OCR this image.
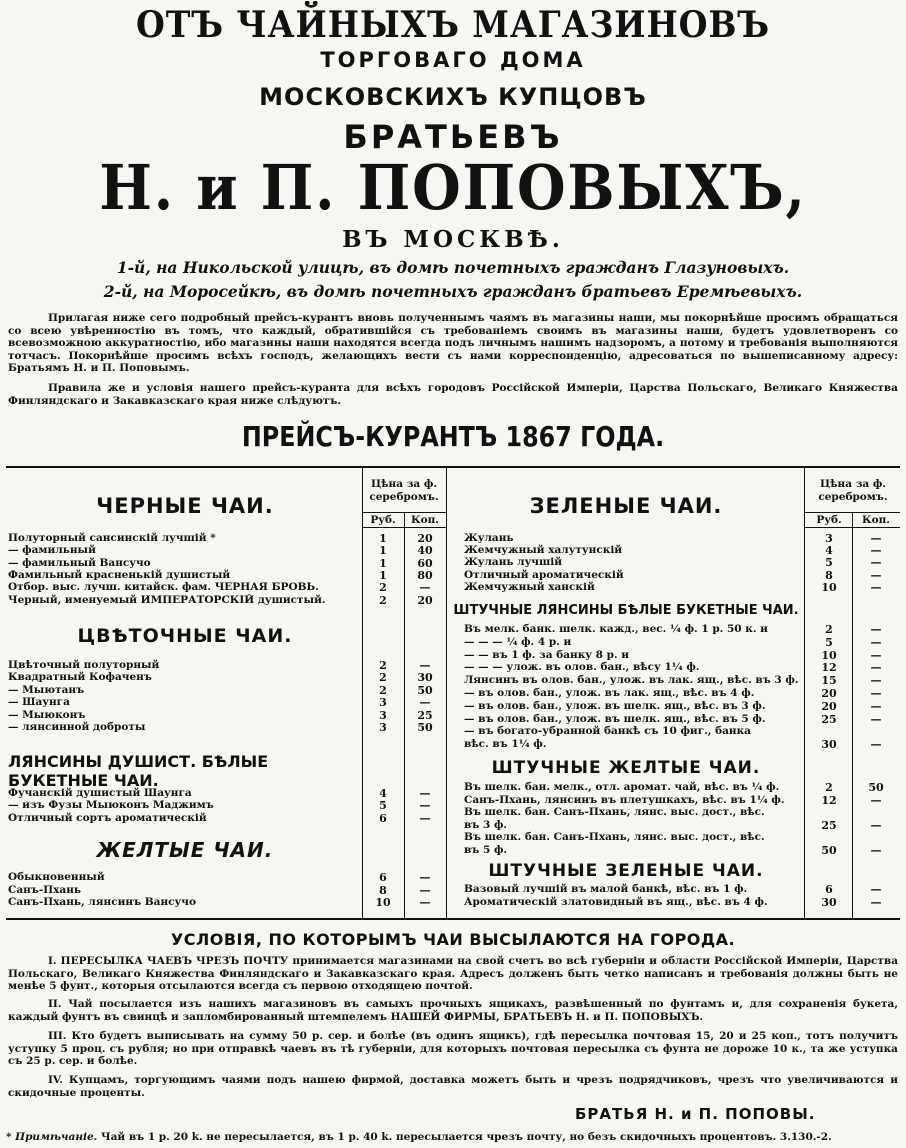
ОТЪ ЧАЙНЫХЪ МАГАЗИНОВЪ
ТОРГОВАГО ДОМА
МОСКОВСКИХЪ КУПЦОВЪ
БРАТЬЕВЪ
Н. и П. ПОПОВЫХЪ,
ВЪ МОСКВѢ.
1-й, на Никольской улицѣ, въ домѣ почетныхъ гражданъ Глазуновыхъ.
2-й, на Моросейкѣ, въ домѣ почетныхъ гражданъ братьевъ Еремѣевыхъ.
Прилагая ниже сего подробный прейсъ-курантъ вновь полученнымъ чаямъ въ магазины наши, мы покорнѣйше просимъ обращаться со всею увѣренностію въ томъ, что каждый, обратившійся съ требованіемъ своимъ въ магазины наши, будетъ удовлетворенъ со всевозможною аккуратностію, ибо магазины наши находятся всегда подъ личнымъ нашимъ надзоромъ, а потому и требованія выполняются тотчасъ. Покорнѣйше просимъ всѣхъ господъ, желающихъ вести съ нами корреспонденцію, адресоваться по вышеписанному адресу: Братьямъ Н. и П. Поповымъ.
Правила же и условія нашего прейсъ-куранта для всѣхъ городовъ Россійской Имперіи, Царства Польскаго, Великаго Княжества Финляндскаго и Закавказскаго края ниже слѣдуютъ.
ПРЕЙСЪ-КУРАНТЪ 1867 ГОДА.
Цѣна за ф. серебромъ.
Руб.	Коп.
Цѣна за ф. серебромъ.
Руб.	Коп.
ЧЕРНЫЕ ЧАИ.
ЦВѢТОЧНЫЕ ЧАИ.
ЛЯНСИНЫ ДУШИСТ. БѢЛЫЕ БУКЕТНЫЕ ЧАИ.
ЖЕЛТЫЕ ЧАИ.
ЗЕЛЕНЫЕ ЧАИ.
ШТУЧНЫЕ ЛЯНСИНЫ БѢЛЫЕ БУКЕТНЫЕ ЧАИ.
ШТУЧНЫЕ ЖЕЛТЫЕ ЧАИ.
ШТУЧНЫЕ ЗЕЛЕНЫЕ ЧАИ.
Полуторный сансинскій лучшій *	1	20
— фамильный	1	40
— фамильный Вансучо	1	60
Фамильный красненькій душистый	1	80
Отбор. выс. лучш. китайск. фам. ЧЕРНАЯ БРОВЬ.	2	—
Черный, именуемый ИМПЕРАТОРСКІЙ душистый.	2	20
Цвѣточный полуторный	2	—
Квадратный Кофаченъ	2	30
— Мыютанъ	2	50
— Шаунга	3	—
— Мыюконъ	3	25
— лянсинной доброты	3	50
Фучанскій душистый Шаунга	4	—
— изъ Фузы Мыюконъ Маджимъ	5	—
Отличный сортъ ароматическій	6	—
Обыкновенный	6	—
Санъ-Пхань	8	—
Санъ-Пхань, лянсинъ Вансучо	10	—
Жулань	3	—
Жемчужный халутунскій	4	—
Жулань лучшій	5	—
Отличный ароматическій	8	—
Жемчужный ханскій	10	—
Въ мелк. банк. шелк. кажд., вес. ¼ ф. 1 р. 50 к. и	2	—
— — — ¼ ф. 4 р. и	5	—
— — въ 1 ф. за банку 8 р. и	10	—
— — — улож. въ олов. бан., вѣсу 1¼ ф.	12	—
Лянсинъ въ олов. бан., улож. въ лак. ящ., вѣс. въ 3 ф.	15	—
— въ олов. бан., улож. въ лак. ящ., вѣс. въ 4 ф.	20	—
— въ олов. бан., улож. въ шелк. ящ., вѣс. въ 3 ф.	20	—
— въ олов. бан., улож. въ шелк. ящ., вѣс. въ 5 ф.	25	—
— въ богато-убранной банкѣ съ 10 фиг., банка
вѣс. въ 1¼ ф.	30	—
Въ шелк. бан. мелк., отл. аромат. чай, вѣс. въ ¼ ф.	2	50
Санъ-Пхань, лянсинъ въ плетушкахъ, вѣс. въ 1¼ ф.	12	—
Въ шелк. бан. Санъ-Пхань, лянс. выс. дост., вѣс.
въ 3 ф.	25	—
Въ шелк. бан. Санъ-Пхань, лянс. выс. дост., вѣс.
въ 5 ф.	50	—
Вазовый лучшій въ малой банкѣ, вѣс. въ 1 ф.	6	—
Ароматическій златовидный въ ящ., вѣс. въ 4 ф.	30	—
УСЛОВІЯ, ПО КОТОРЫМЪ ЧАИ ВЫСЫЛАЮТСЯ НА ГОРОДА.
I. ПЕРЕСЫЛКА ЧАЕВЪ ЧРЕЗЪ ПОЧТУ принимается магазинами на свой счетъ во всѣ губерніи и области Россійской Имперіи, Царства Польскаго, Великаго Княжества Финляндскаго и Закавказскаго края. Адресъ долженъ быть четко написанъ и требованія должны быть не менѣе 5 фунт., которыя отсылаются всегда съ первою отходящею почтой.
II. Чай посылается изъ нашихъ магазиновъ въ самыхъ прочныхъ ящикахъ, развѣшенный по фунтамъ и, для сохраненія букета, каждый фунтъ въ свинцѣ и запломбированный штемпелемъ НАШЕЙ ФИРМЫ, БРАТЬЕВЪ Н. и П. ПОПОВЫХЪ.
III. Кто будетъ выписывать на сумму 50 р. сер. и болѣе (въ одинъ ящикъ), гдѣ пересылка почтовая 15, 20 и 25 коп., тотъ получитъ уступку 5 проц. съ рубля; но при отправкѣ чаевъ въ тѣ губерніи, для которыхъ почтовая пересылка съ фунта не дороже 10 к., та же уступка съ 25 р. сер. и болѣе.
IV. Купцамъ, торгующимъ чаями подъ нашею фирмой, доставка можетъ быть и чрезъ подрядчиковъ, чрезъ что увеличиваются и скидочные проценты.
БРАТЬЯ Н. и П. ПОПОВЫ.
* Примѣчаніе. Чай въ 1 р. 20 k. не пересылается, въ 1 р. 40 k. пересылается чрезъ почту, но безъ скидочныхъ процентовъ. 3.130.-2.
